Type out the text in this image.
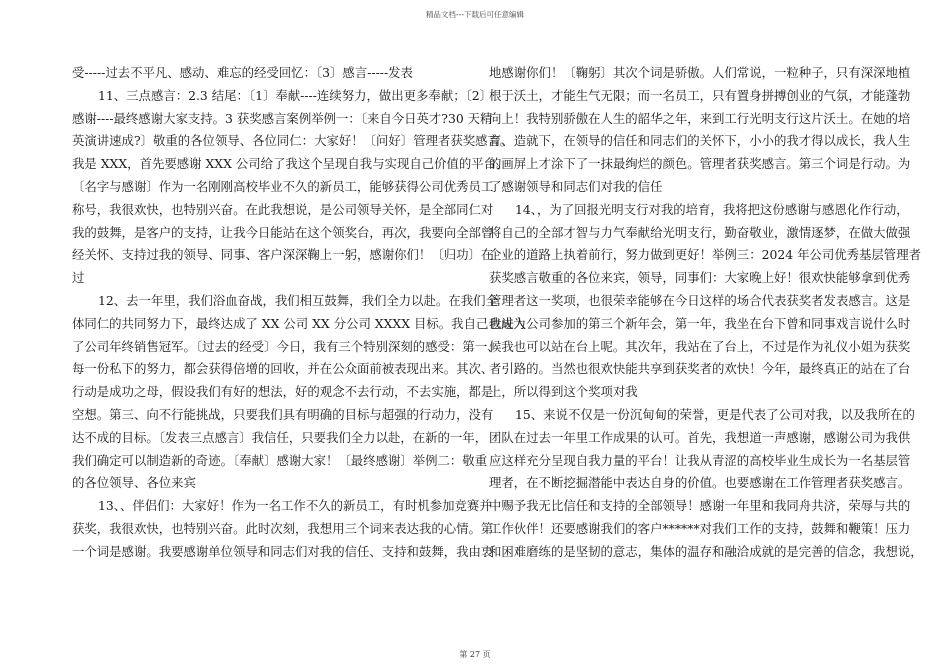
精品文档---下载后可任意编辑
受-----过去不平凡、感动、难忘的经受回忆：〔3〕感言-----发表
11、三点感言：2.3 结尾：〔1〕奉献----连续努力，做出更多奉献；〔2〕
感谢----最终感谢大家支持。3 获奖感言案例举例一：〔来自今日英才?30 天精
英演讲速成?〕敬重的各位领导、各位同仁：大家好！〔问好〕管理者获奖感言。
我是 XXX，首先要感谢 XXX 公司给了我这个呈现自我与实现自己价值的平台。
〔名字与感谢〕作为一名刚刚高校毕业不久的新员工，能够获得公司优秀员工
称号，我很欢快，也特别兴奋。在此我想说，是公司领导关怀，是全部同仁对
我的鼓舞，是客户的支持，让我今日能站在这个领奖台，再次，我要向全部曾
经关怀、支持过我的领导、同事、客户深深鞠上一躬，感谢你们！〔归功〕在
过
12、去一年里，我们浴血奋战，我们相互鼓舞，我们全力以赴。在我们全
体同仁的共同努力下，最终达成了 XX 公司 XX 分公司 XXXX 目标。我自己也成为
了公司年终销售冠军。〔过去的经受〕今日，我有三个特别深刻的感受：第一、
每一份私下的努力，都会获得倍增的回收，并在公众面前被表现出来。其次、
行动是成功之母，假设我们有好的想法，好的观念不去行动，不去实施，都是
空想。第三、向不行能挑战，只要我们具有明确的目标与超强的行动力，没有
达不成的目标。〔发表三点感言〕我信任，只要我们全力以赴，在新的一年，
我们确定可以制造新的奇迹。〔奉献〕感谢大家！〔最终感谢〕举例二：敬重
的各位领导、各位来宾
13、、伴侣们：大家好！作为一名工作不久的新员工，有时机参加竞赛并
获奖，我很欢快，也特别兴奋。此时次刻，我想用三个词来表达我的心情。第
一个词是感谢。我要感谢单位领导和同志们对我的信任、支持和鼓舞，我由衷
地感谢你们！〔鞠躬〕其次个词是骄傲。人们常说，一粒种子，只有深深地植
根于沃土，才能生气无限；而一名员工，只有置身拼搏创业的气氛，才能蓬勃
向上！我特别骄傲在人生的韶华之年，来到工行光明支行这片沃土。在她的培
育、造就下，在领导的信任和同志们的关怀下，小小的我才得以成长，我人生
的画屏上才涂下了一抹最绚烂的颜色。管理者获奖感言。第三个词是行动。为
了感谢领导和同志们对我的信任
14、，为了回报光明支行对我的培育，我将把这份感谢与感恩化作行动，
将自己的全部才智与力气奉献给光明支行，勤奋敬业，激情逐梦，在做大做强
企业的道路上执着前行，努力做到更好！举例三：2024 年公司优秀基层管理者
获奖感言敬重的各位来宾，领导，同事们：大家晚上好！很欢快能够拿到优秀
管理者这一奖项，也很荣幸能够在今日这样的场合代表获奖者发表感言。这是
我进入公司参加的第三个新年会，第一年，我坐在台下曾和同事戏言说什么时
候我也可以站在台上呢。其次年，我站在了台上，不过是作为礼仪小姐为获奖
者引路的。当然也很欢快能共享到获奖者的欢快！今年，最终真正的站在了台
上，所以得到这个奖项对我
15、来说不仅是一份沉甸甸的荣誉，更是代表了公司对我，以及我所在的
团队在过去一年里工作成果的认可。首先，我想道一声感谢，感谢公司为我供
应这样充分呈现自我力量的平台！让我从青涩的高校毕业生成长为一名基层管
理者，在不断挖掘潜能中表达自身的价值。也要感谢在工作管理者获奖感言。
中赐予我无比信任和支持的全部领导！感谢一年里和我同舟共济，荣辱与共的
工作伙伴！还要感谢我们的客户******对我们工作的支持，鼓舞和鞭策！压力
和困难磨练的是坚韧的意志，集体的温存和融洽成就的是完善的信念，我想说，
第 27 页
